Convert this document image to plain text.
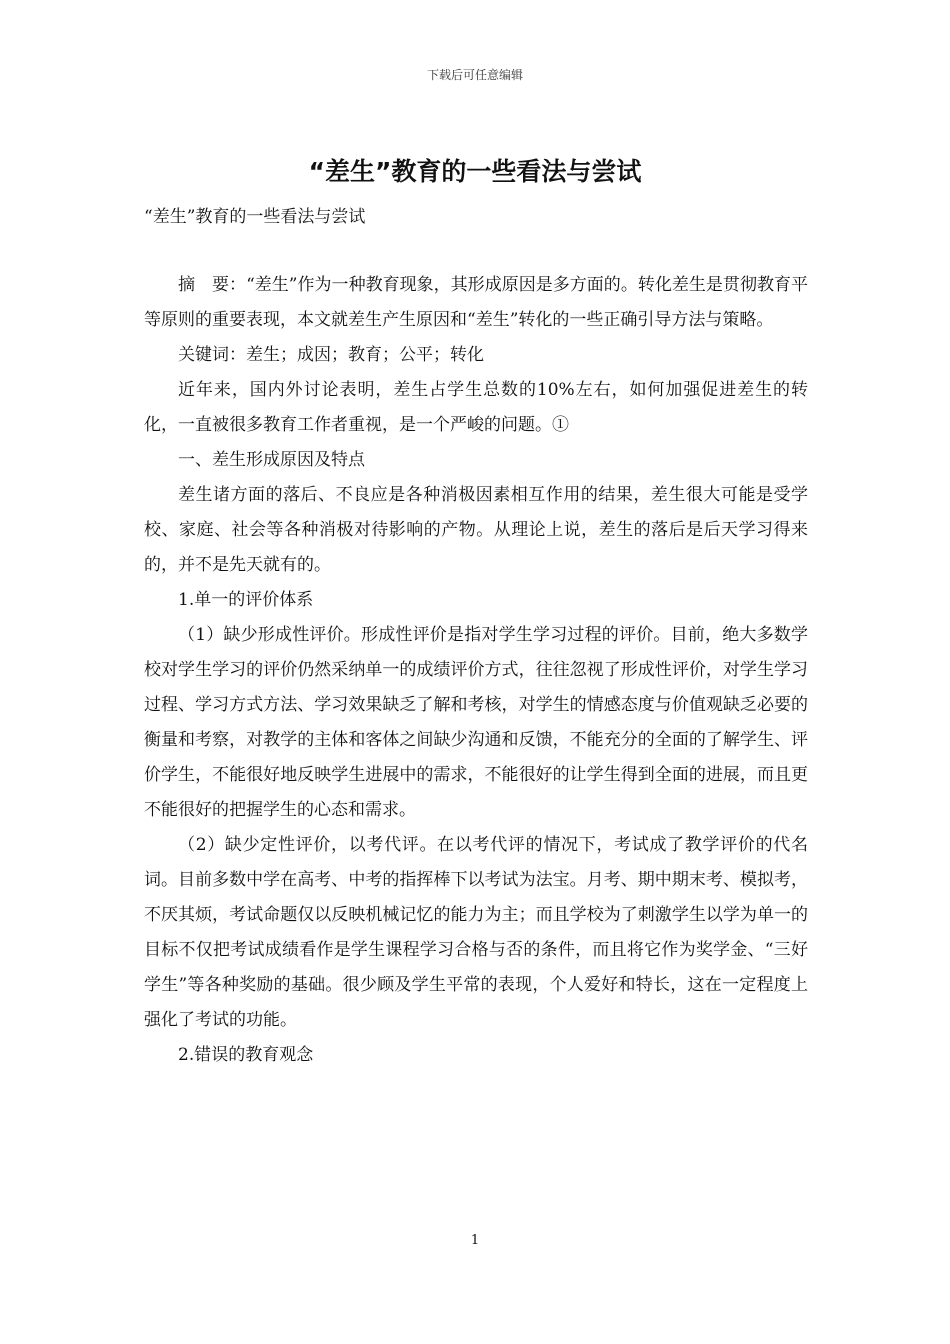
下载后可任意编辑
“差生”教育的一些看法与尝试
“差生”教育的一些看法与尝试

摘　要：“差生”作为一种教育现象，其形成原因是多方面的。转化差生是贯彻教育平等原则的重要表现，本文就差生产生原因和“差生”转化的一些正确引导方法与策略。

关键词：差生；成因；教育；公平；转化

近年来，国内外讨论表明，差生占学生总数的10%左右，如何加强促进差生的转化，一直被很多教育工作者重视，是一个严峻的问题。①

一、差生形成原因及特点

差生诸方面的落后、不良应是各种消极因素相互作用的结果，差生很大可能是受学校、家庭、社会等各种消极对待影响的产物。从理论上说，差生的落后是后天学习得来的，并不是先天就有的。

1.单一的评价体系

（1）缺少形成性评价。形成性评价是指对学生学习过程的评价。目前，绝大多数学校对学生学习的评价仍然采纳单一的成绩评价方式，往往忽视了形成性评价，对学生学习过程、学习方式方法、学习效果缺乏了解和考核，对学生的情感态度与价值观缺乏必要的衡量和考察，对教学的主体和客体之间缺少沟通和反馈，不能充分的全面的了解学生、评价学生，不能很好地反映学生进展中的需求，不能很好的让学生得到全面的进展，而且更不能很好的把握学生的心态和需求。

（2）缺少定性评价，以考代评。在以考代评的情况下，考试成了教学评价的代名词。目前多数中学在高考、中考的指挥棒下以考试为法宝。月考、期中期末考、模拟考，不厌其烦，考试命题仅以反映机械记忆的能力为主；而且学校为了刺激学生以学为单一的目标不仅把考试成绩看作是学生课程学习合格与否的条件，而且将它作为奖学金、“三好学生”等各种奖励的基础。很少顾及学生平常的表现，个人爱好和特长，这在一定程度上强化了考试的功能。

2.错误的教育观念

1
